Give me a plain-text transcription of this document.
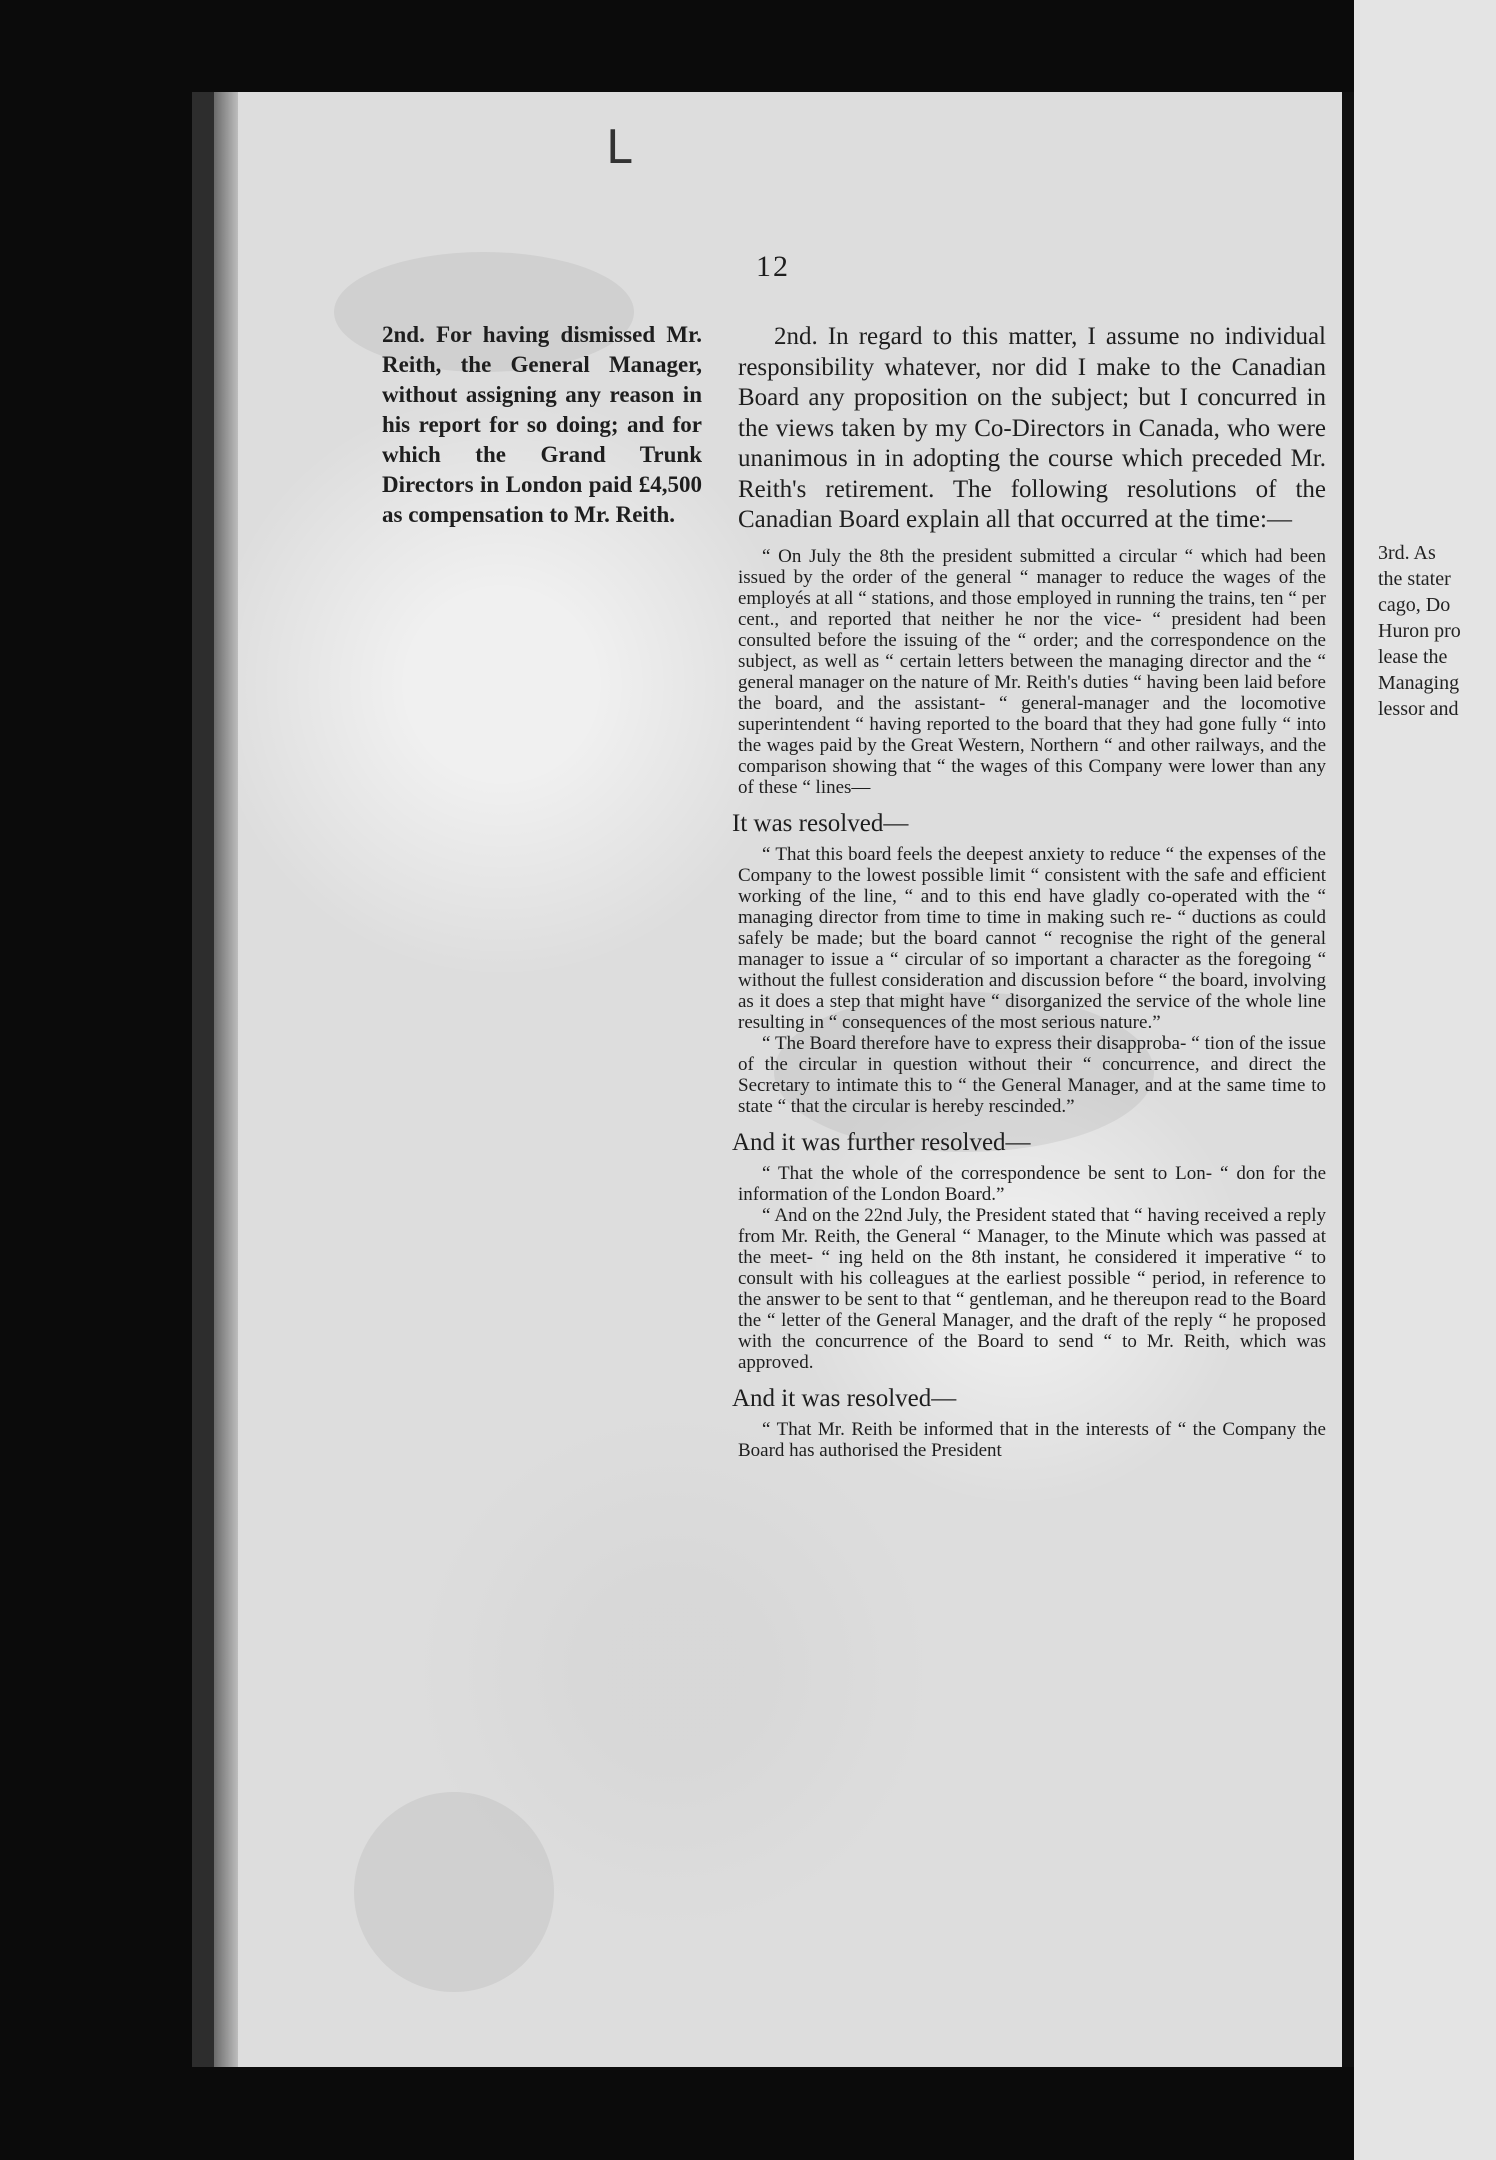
L
12
2nd. For having dismissed Mr. Reith, the General Manager, without assigning any reason in his report for so doing; and for which the Grand Trunk Directors in London paid £4,500 as compensation to Mr. Reith.

2nd. In regard to this matter, I assume no individual responsibility whatever, nor did I make to the Canadian Board any proposition on the subject; but I concurred in the views taken by my Co-Directors in Canada, who were unanimous in in adopting the course which preceded Mr. Reith's retirement. The following resolutions of the Canadian Board explain all that occurred at the time:—

“ On July the 8th the president submitted a circular “ which had been issued by the order of the general “ manager to reduce the wages of the employés at all “ stations, and those employed in running the trains, ten “ per cent., and reported that neither he nor the vice- “ president had been consulted before the issuing of the “ order; and the correspondence on the subject, as well as “ certain letters between the managing director and the “ general manager on the nature of Mr. Reith's duties “ having been laid before the board, and the assistant- “ general-manager and the locomotive superintendent “ having reported to the board that they had gone fully “ into the wages paid by the Great Western, Northern “ and other railways, and the comparison showing that “ the wages of this Company were lower than any of these “ lines—

It was resolved—

“ That this board feels the deepest anxiety to reduce “ the expenses of the Company to the lowest possible limit “ consistent with the safe and efficient working of the line, “ and to this end have gladly co-operated with the “ managing director from time to time in making such re- “ ductions as could safely be made; but the board cannot “ recognise the right of the general manager to issue a “ circular of so important a character as the foregoing “ without the fullest consideration and discussion before “ the board, involving as it does a step that might have “ disorganized the service of the whole line resulting in “ consequences of the most serious nature.”

“ The Board therefore have to express their disapproba- “ tion of the issue of the circular in question without their “ concurrence, and direct the Secretary to intimate this to “ the General Manager, and at the same time to state “ that the circular is hereby rescinded.”

And it was further resolved—

“ That the whole of the correspondence be sent to Lon- “ don for the information of the London Board.”

“ And on the 22nd July, the President stated that “ having received a reply from Mr. Reith, the General “ Manager, to the Minute which was passed at the meet- “ ing held on the 8th instant, he considered it imperative “ to consult with his colleagues at the earliest possible “ period, in reference to the answer to be sent to that “ gentleman, and he thereupon read to the Board the “ letter of the General Manager, and the draft of the reply “ he proposed with the concurrence of the Board to send “ to Mr. Reith, which was approved.

And it was resolved—

“ That Mr. Reith be informed that in the interests of “ the Company the Board has authorised the President

3rd. As
the stater
cago, Do
Huron pro
lease the
Managing
lessor and
